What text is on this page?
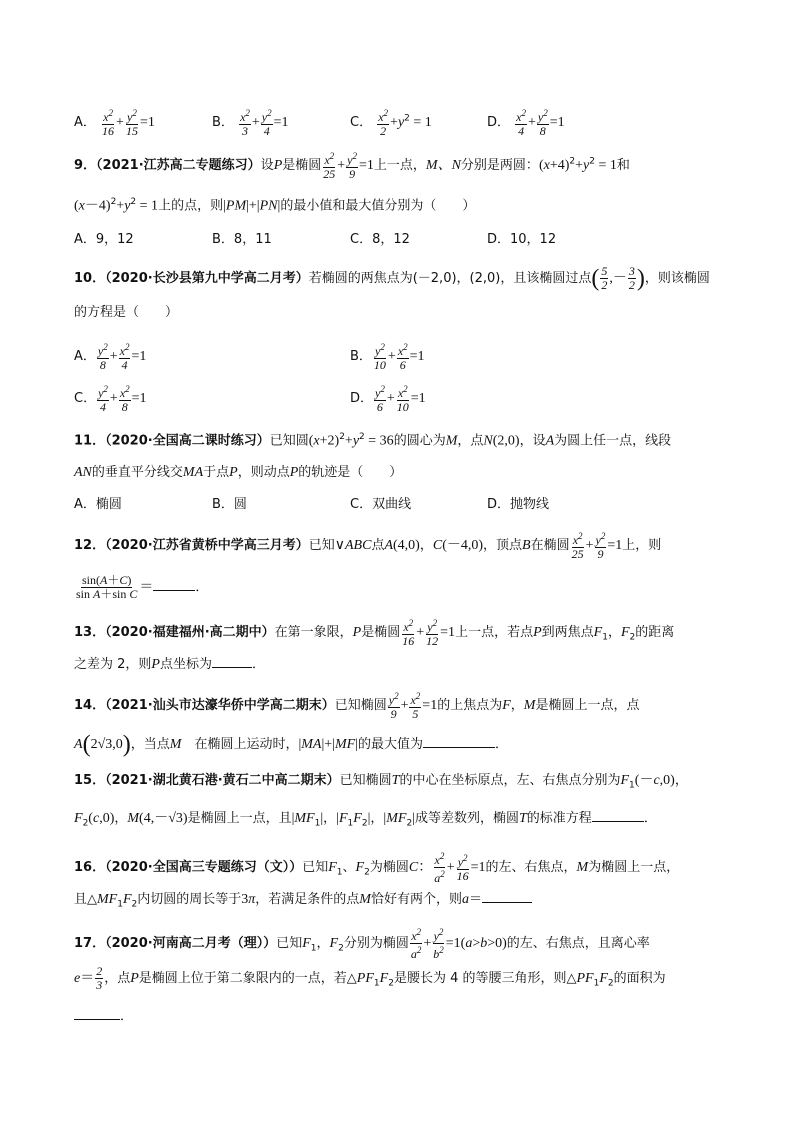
A． $\frac{x^2}{16} + \frac{y^2}{15} =1$	B． $\frac{x^2}{3} + \frac{y^2}{4} =1$	C． $\frac{x^2}{2} +y^2 = 1$	D． $\frac{x^2}{4} + \frac{y^2}{8} =1$
9．（2021·江苏高二专题练习）设P是椭圆 $\frac{x^2}{25} + \frac{y^2}{9} =1$上一点，M、N分别是两圆：$(x+4)^2+y^2 = 1$和
$(x-4)^2+y^2 = 1$上的点，则|PM|+|PN|的最小值和最大值分别为（　　）
A．9，12	B．8，11	C．8，12	D．10，12
10．（2020·长沙县第九中学高二月考）若椭圆的两焦点为(－2,0)，(2,0)，且该椭圆过点( $\frac{5}{2}$ ,－ $\frac{3}{2}$ )，则该椭圆
的方程是（　　）
A． $\frac{y^2}{8} + \frac{x^2}{4} =1$	B． $\frac{y^2}{10} + \frac{x^2}{6} =1$
C． $\frac{y^2}{4} + \frac{x^2}{8} =1$	D． $\frac{y^2}{6} + \frac{x^2}{10} =1$
11．（2020·全国高二课时练习）已知圆$(x+2)^2+y^2 = 36$的圆心为M，点N(2,0)，设A为圆上任一点，线段
AN的垂直平分线交MA于点P，则动点P的轨迹是（　　）
A．椭圆	B．圆	C．双曲线	D．抛物线
12．（2020·江苏省黄桥中学高三月考）已知∨ABC点A(4,0)，C(－4,0)，顶点B在椭圆 $\frac{x^2}{25} + \frac{y^2}{9} =1$上，则
$\frac{\sin(A+C)}{\text{sin A＋sin C}}$ ＝	．
13．（2020·福建福州·高二期中）在第一象限，P是椭圆 $\frac{x^2}{16} + \frac{y^2}{12} =1$上一点，若点P到两焦点$F_1$，$F_2$的距离
之差为 2，则P点坐标为	．
14．（2021·汕头市达濠华侨中学高二期末）已知椭圆 $\frac{y^2}{9} + \frac{x^2}{5} =1$的上焦点为F，M是椭圆上一点，点
A(2√3,0)，当点M　在椭圆上运动时，|MA|+|MF|的最大值为	．
15．（2021·湖北黄石港·黄石二中高二期末）已知椭圆T的中心在坐标原点，左、右焦点分别为$F_1(-c,0)$，
$F_2(c,0)$，M(4,－√3)是椭圆上一点，且$|MF_1|$，$|F_1F_2|$，$|MF_2|$成等差数列，椭圆T的标准方程	．
16．（2020·全国高三专题练习（文））已知$F_1$、$F_2$为椭圆C： $\frac{x^2}{a^2} + \frac{y^2}{16} =1$的左、右焦点，M为椭圆上一点，
且$\triangle MF_1F_2$内切圆的周长等于3π，若满足条件的点M恰好有两个，则a＝
17．（2020·河南高二月考（理））已知$F_1$，$F_2$分别为椭圆 $\frac{x^2}{a^2} + \frac{y^2}{b^2} =1(a>b>0)$的左、右焦点，且离心率
$e= \frac{2}{3}$ ，点P是椭圆上位于第二象限内的一点，若$\triangle PF_1F_2$是腰长为 4 的等腰三角形，则$\triangle PF_1F_2$的面积为
．
